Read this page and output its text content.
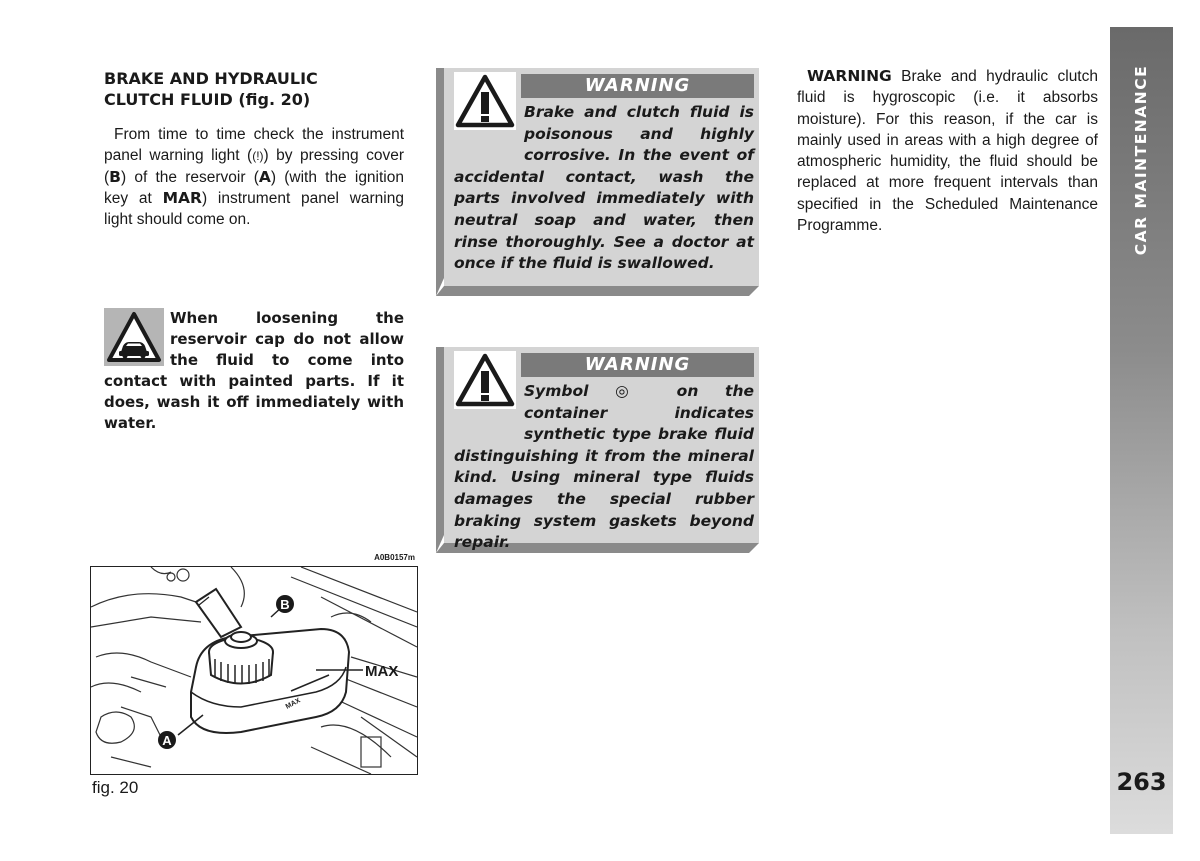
BRAKE AND HYDRAULIC
CLUTCH FLUID (fig. 20)
From time to time check the instrument panel warning light ((!)) by pressing cover (B) of the reservoir (A) (with the ignition key at MAR) instrument panel warning light should come on.
When loosening the reservoir cap do not allow the fluid to come into contact with painted parts. If it does, wash it off immediately with water.
A0B0157m
MAX
B
A
MAX
fig. 20
WARNING
Brake and clutch fluid is poisonous and highly corrosive. In the event of accidental contact, wash the parts involved immediately with neutral soap and water, then rinse thoroughly. See a doctor at once if the fluid is swallowed.
WARNING
Symbol ◎ on the container indicates synthetic type brake fluid distinguishing it from the mineral kind. Using mineral type fluids damages the special rubber braking system gaskets beyond repair.
WARNING Brake and hydraulic clutch fluid is hygroscopic (i.e. it absorbs moisture). For this reason, if the car is mainly used in areas with a high degree of atmospheric humidity, the fluid should be replaced at more frequent intervals than specified in the Scheduled Maintenance Programme.	CAR MAINTENANCE
263
